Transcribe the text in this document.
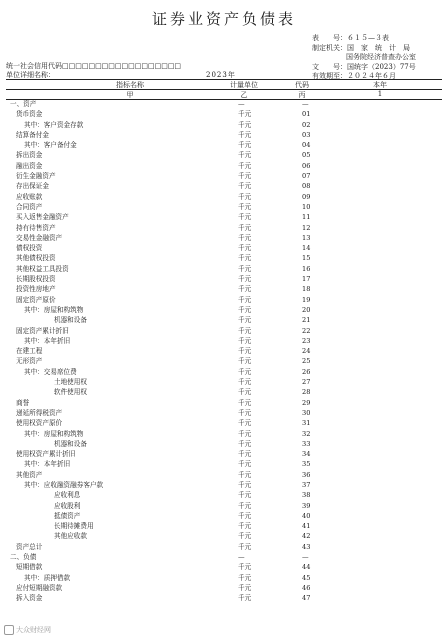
证券业资产负债表
表　　号：６１５—３表
制定机关：国　家　统　计　局
国务院经济普查办公室
文　　号：国统字（2023）77号
有效期至：２０２４年６月
统一社会信用代码□□□□□□□□□□□□□□□□□□
单位详细名称：	2023年
指标名称	计量单位	代码	本年
甲	乙	丙	1
一、资产	—	—
货币资金	千元	01
其中：客户资金存款	千元	02
结算备付金	千元	03
其中：客户备付金	千元	04
拆出资金	千元	05
融出资金	千元	06
衍生金融资产	千元	07
存出保证金	千元	08
应收账款	千元	09
合同资产	千元	10
买入返售金融资产	千元	11
持有待售资产	千元	12
交易性金融资产	千元	13
债权投资	千元	14
其他债权投资	千元	15
其他权益工具投资	千元	16
长期股权投资	千元	17
投资性房地产	千元	18
固定资产原价	千元	19
其中：房屋和构筑物	千元	20
机器和设备	千元	21
固定资产累计折旧	千元	22
其中：本年折旧	千元	23
在建工程	千元	24
无形资产	千元	25
其中：交易席位费	千元	26
土地使用权	千元	27
软件使用权	千元	28
商誉	千元	29
递延所得税资产	千元	30
使用权资产原价	千元	31
其中：房屋和构筑物	千元	32
机器和设备	千元	33
使用权资产累计折旧	千元	34
其中：本年折旧	千元	35
其他资产	千元	36
其中：应收融资融券客户款	千元	37
应收利息	千元	38
应收股利	千元	39
抵债资产	千元	40
长期待摊费用	千元	41
其他应收款	千元	42
资产总计	千元	43
二、负债	—	—
短期借款	千元	44
其中：质押借款	千元	45
应付短期融资款	千元	46
拆入资金	千元	47
大众财经网
